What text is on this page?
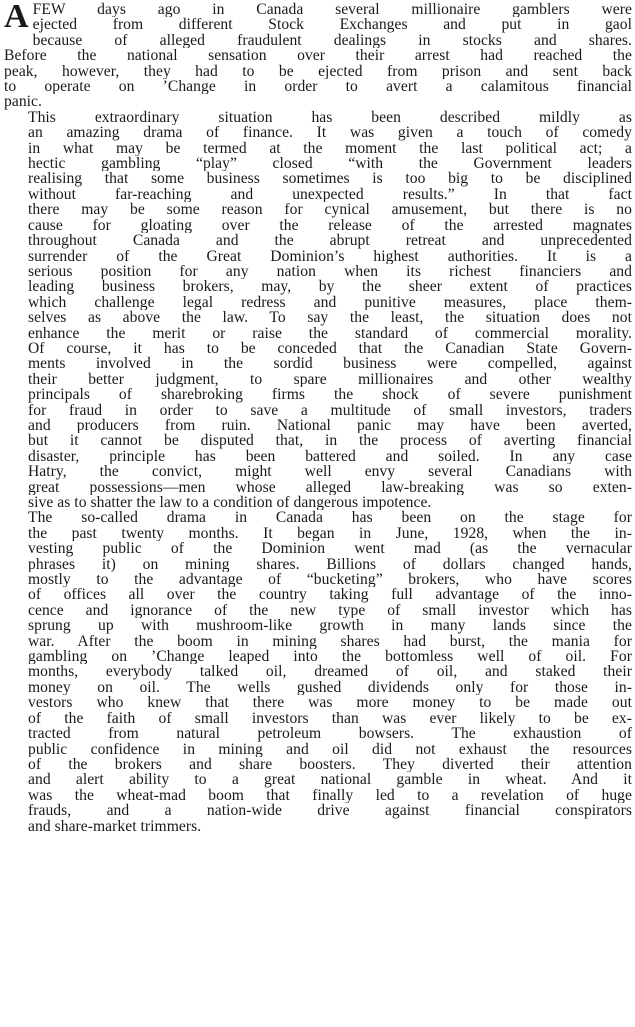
A FEW days ago in Canada several millionaire gamblers were
ejected from different Stock Exchanges and put in gaol
because of alleged fraudulent dealings in stocks and shares.
Before the national sensation over their arrest had reached the
peak, however, they had to be ejected from prison and sent back
to operate on ’Change in order to avert a calamitous financial
panic.
This extraordinary situation has been described mildly as
an amazing drama of finance. It was given a touch of comedy
in what may be termed at the moment the last political act; a
hectic gambling “play” closed “with the Government leaders
realising that some business sometimes is too big to be disciplined
without far-reaching and unexpected results.” In that fact
there may be some reason for cynical amusement, but there is no
cause for gloating over the release of the arrested magnates
throughout Canada and the abrupt retreat and unprecedented
surrender of the Great Dominion’s highest authorities. It is a
serious position for any nation when its richest financiers and
leading business brokers, may, by the sheer extent of practices
which challenge legal redress and punitive measures, place them-
selves as above the law. To say the least, the situation does not
enhance the merit or raise the standard of commercial morality.
Of course, it has to be conceded that the Canadian State Govern-
ments involved in the sordid business were compelled, against
their better judgment, to spare millionaires and other wealthy
principals of sharebroking firms the shock of severe punishment
for fraud in order to save a multitude of small investors, traders
and producers from ruin. National panic may have been averted,
but it cannot be disputed that, in the process of averting financial
disaster, principle has been battered and soiled. In any case
Hatry, the convict, might well envy several Canadians with
great possessions—men whose alleged law-breaking was so exten-
sive as to shatter the law to a condition of dangerous impotence.
The so-called drama in Canada has been on the stage for
the past twenty months. It began in June, 1928, when the in-
vesting public of the Dominion went mad (as the vernacular
phrases it) on mining shares. Billions of dollars changed hands,
mostly to the advantage of “bucketing” brokers, who have scores
of offices all over the country taking full advantage of the inno-
cence and ignorance of the new type of small investor which has
sprung up with mushroom-like growth in many lands since the
war. After the boom in mining shares had burst, the mania for
gambling on ’Change leaped into the bottomless well of oil. For
months, everybody talked oil, dreamed of oil, and staked their
money on oil. The wells gushed dividends only for those in-
vestors who knew that there was more money to be made out
of the faith of small investors than was ever likely to be ex-
tracted from natural petroleum bowsers. The exhaustion of
public confidence in mining and oil did not exhaust the resources
of the brokers and share boosters. They diverted their attention
and alert ability to a great national gamble in wheat. And it
was the wheat-mad boom that finally led to a revelation of huge
frauds, and a nation-wide drive against financial conspirators
and share-market trimmers.
